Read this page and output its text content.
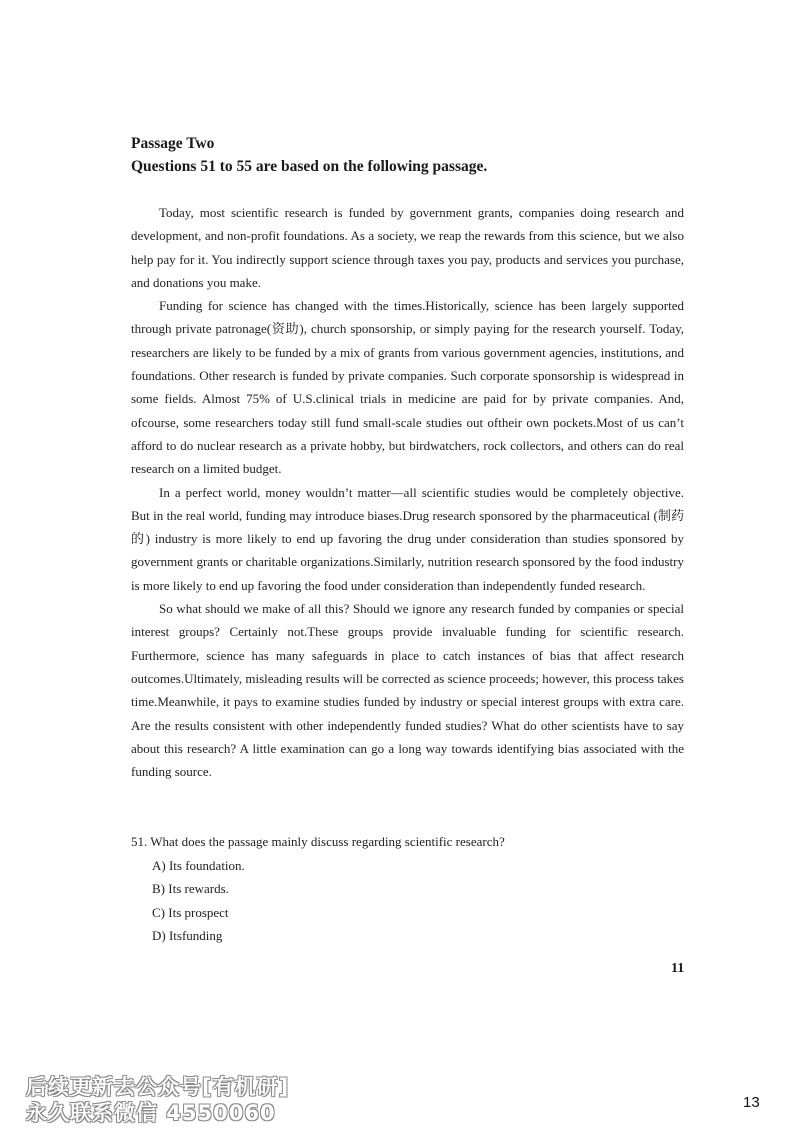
Passage Two
Questions 51 to 55 are based on the following passage.

Today, most scientific research is funded by government grants, companies doing research and development, and non-profit foundations. As a society, we reap the rewards from this science, but we also help pay for it. You indirectly support science through taxes you pay, products and services you purchase, and donations you make.

Funding for science has changed with the times.Historically, science has been largely supported through private patronage(资助), church sponsorship, or simply paying for the research yourself. Today, researchers are likely to be funded by a mix of grants from various government agencies, institutions, and foundations. Other research is funded by private companies. Such corporate sponsorship is widespread in some fields. Almost 75% of U.S.clinical trials in medicine are paid for by private companies. And, ofcourse, some researchers today still fund small-scale studies out oftheir own pockets.Most of us can’t afford to do nuclear research as a private hobby, but birdwatchers, rock collectors, and others can do real research on a limited budget.

In a perfect world, money wouldn’t matter—all scientific studies would be completely objective. But in the real world, funding may introduce biases.Drug research sponsored by the pharmaceutical (制药的) industry is more likely to end up favoring the drug under consideration than studies sponsored by government grants or charitable organizations.Similarly, nutrition research sponsored by the food industry is more likely to end up favoring the food under consideration than independently funded research.

So what should we make of all this? Should we ignore any research funded by companies or special interest groups? Certainly not.These groups provide invaluable funding for scientific research. Furthermore, science has many safeguards in place to catch instances of bias that affect research outcomes.Ultimately, misleading results will be corrected as science proceeds; however, this process takes time.Meanwhile, it pays to examine studies funded by industry or special interest groups with extra care. Are the results consistent with other independently funded studies? What do other scientists have to say about this research? A little examination can go a long way towards identifying bias associated with the funding source.

51. What does the passage mainly discuss regarding scientific research?
A) Its foundation.
B) Its rewards.
C) Its prospect
D) Itsfunding
11
后续更新去公众号[有机研]
永久联系微信 4550060	13
